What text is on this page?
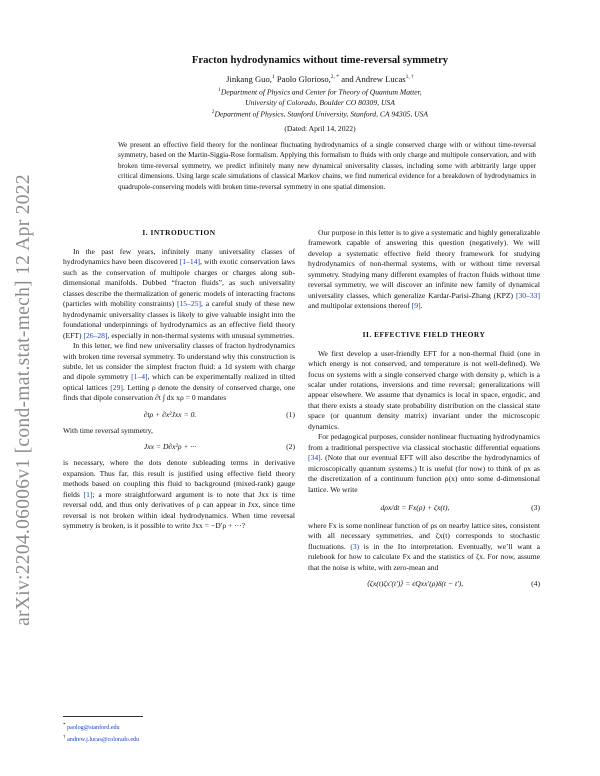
arXiv:2204.06006v1 [cond-mat.stat-mech] 12 Apr 2022
Fracton hydrodynamics without time-reversal symmetry
Jinkang Guo,$^1$ Paolo Glorioso,$^{2, *}$ and Andrew Lucas$^{1, \dagger}$
$^1$Department of Physics and Center for Theory of Quantum Matter,
University of Colorado, Boulder CO 80309, USA
$^2$Department of Physics, Stanford University, Stanford, CA 94305, USA
(Dated: April 14, 2022)
We present an effective field theory for the nonlinear fluctuating hydrodynamics of a single conserved charge with or without time-reversal symmetry, based on the Martin-Siggia-Rose formalism. Applying this formalism to fluids with only charge and multipole conservation, and with broken time-reversal symmetry, we predict infinitely many new dynamical universality classes, including some with arbitrarily large upper critical dimensions. Using large scale simulations of classical Markov chains, we find numerical evidence for a breakdown of hydrodynamics in quadrupole-conserving models with broken time-reversal symmetry in one spatial dimension.
I. INTRODUCTION

In the past few years, infinitely many universality classes of hydrodynamics have been discovered [1–14], with exotic conservation laws such as the conservation of multipole charges or charges along sub-dimensional manifolds. Dubbed “fracton fluids”, as such universality classes describe the thermalization of generic models of interacting fractons (particles with mobility constraints) [15–25], a careful study of these new hydrodynamic universality classes is likely to give valuable insight into the foundational underpinnings of hydrodynamics as an effective field theory (EFT) [26–28], especially in non-thermal systems with unusual symmetries.

In this letter, we find new universality classes of fracton hydrodynamics with broken time reversal symmetry. To understand why this construction is subtle, let us consider the simplest fracton fluid: a 1d system with charge and dipole symmetry [1–4], which can be experimentally realized in tilted optical lattices [29]. Letting ρ denote the density of conserved charge, one finds that dipole conservation ∂t ∫ dx xρ = 0 mandates

∂tρ + ∂x²Jxx = 0.	(1)

With time reversal symmetry,

Jxx = D∂x²ρ + ···	(2)

is necessary, where the dots denote subleading terms in derivative expansion. Thus far, this result is justified using effective field theory methods based on coupling this fluid to background (mixed-rank) gauge fields [1]; a more straightforward argument is to note that Jxx is time reversal odd, and thus only derivatives of ρ can appear in Jxx, since time reversal is not broken within ideal hydrodynamics. When time reversal symmetry is broken, is it possible to write Jxx = −D′ρ + ···?

Our purpose in this letter is to give a systematic and highly generalizable framework capable of answering this question (negatively). We will develop a systematic effective field theory framework for studying hydrodynamics of non-thermal systems, with or without time reversal symmetry. Studying many different examples of fracton fluids without time reversal symmetry, we will discover an infinite new family of dynamical universality classes, which generalize Kardar-Parisi-Zhang (KPZ) [30–33] and multipolar extensions thereof [9].

II. EFFECTIVE FIELD THEORY

We first develop a user-friendly EFT for a non-thermal fluid (one in which energy is not conserved, and temperature is not well-defined). We focus on systems with a single conserved charge with density ρ, which is a scalar under rotations, inversions and time reversal; generalizations will appear elsewhere. We assume that dynamics is local in space, ergodic, and that there exists a steady state probability distribution on the classical state space (or quantum density matrix) invariant under the microscopic dynamics.

For pedagogical purposes, consider nonlinear fluctuating hydrodynamics from a traditional perspective via classical stochastic differential equations [34]. (Note that our eventual EFT will also describe the hydrodynamics of microscopically quantum systems.) It is useful (for now) to think of ρx as the discretization of a continuum function ρ(x) onto some d-dimensional lattice. We write

dρx/dt = Fx(ρ) + ζx(t),	(3)

where Fx is some nonlinear function of ρs on nearby lattice sites, consistent with all necessary symmetries, and ζx(t) corresponds to stochastic fluctuations. (3) is in the Ito interpretation. Eventually, we’ll want a rulebook for how to calculate Fx and the statistics of ζx. For now, assume that the noise is white, with zero-mean and

⟨ζx(t)ζx′(t′)⟩ = ϵQxx′(ρ)δ(t − t′),	(4)
* paolog@stanford.edu
† andrew.j.lucas@colorado.edu
